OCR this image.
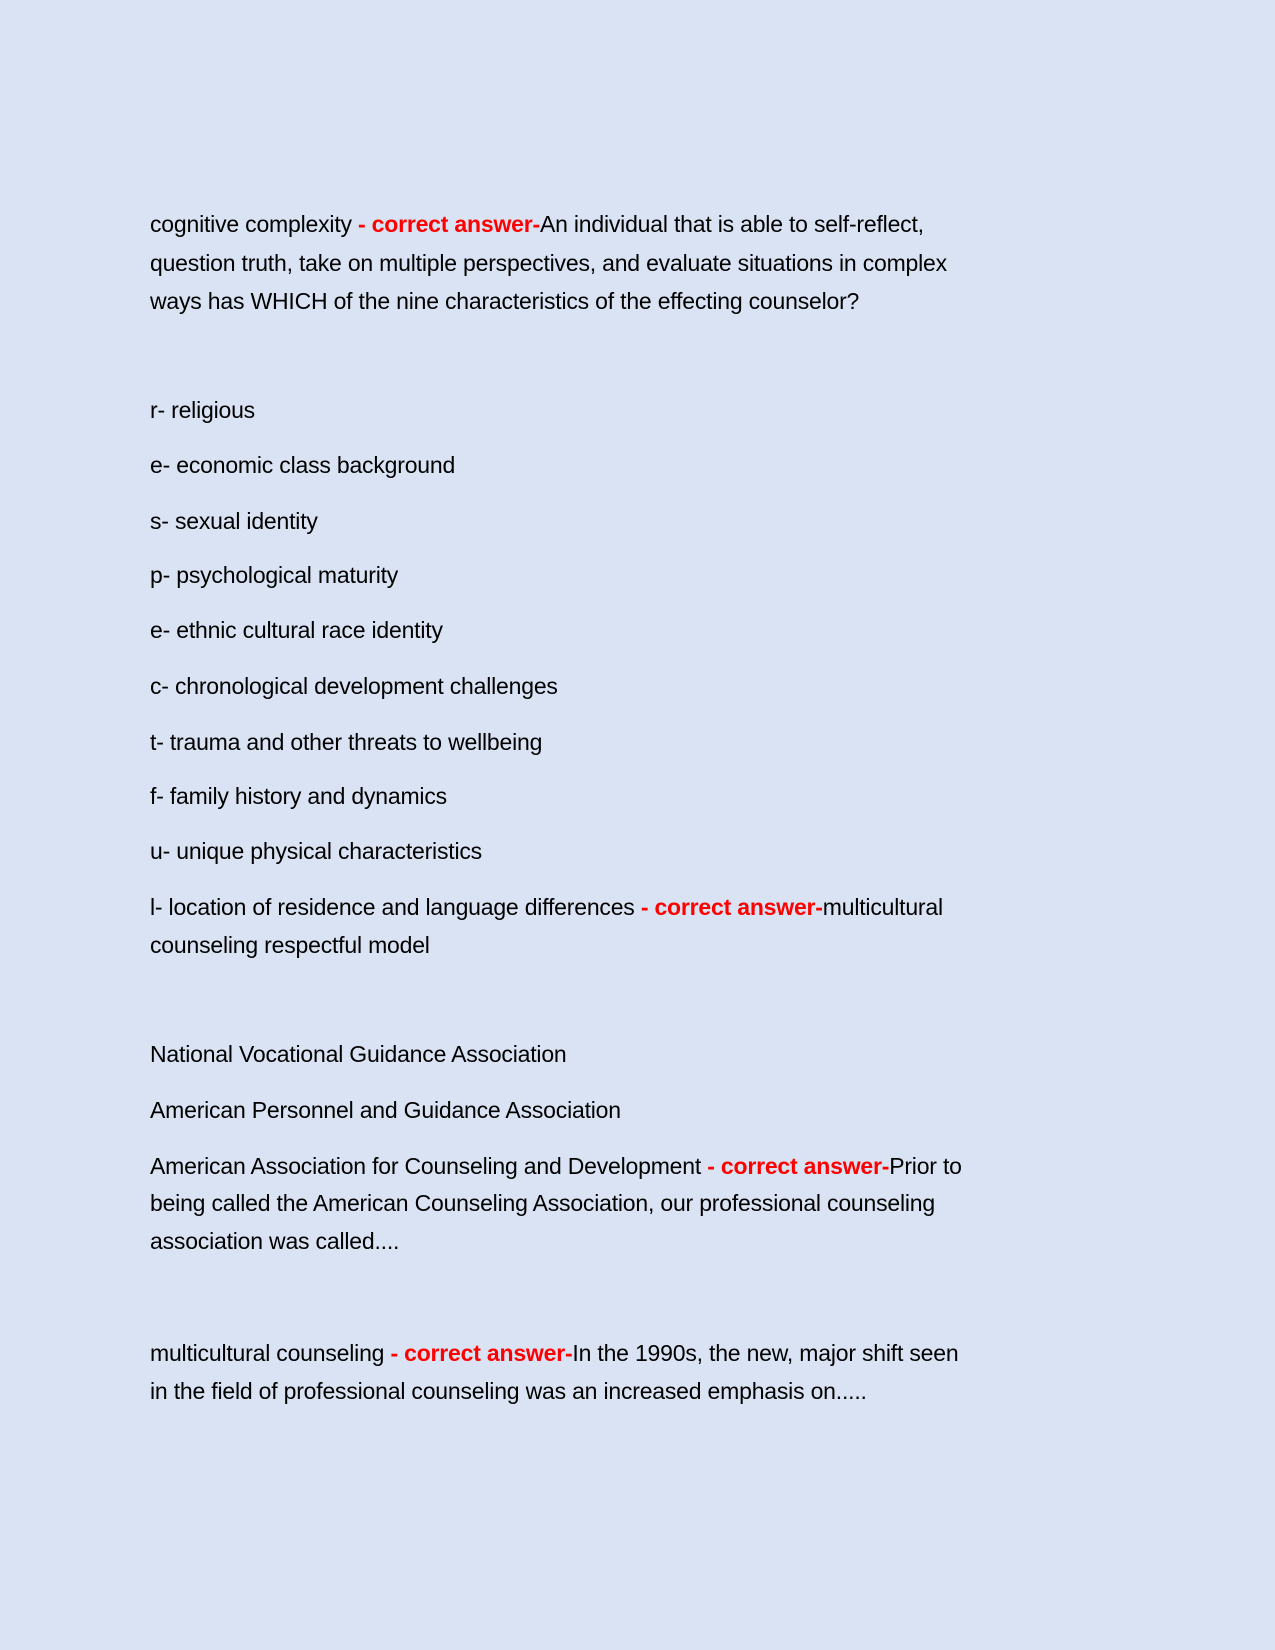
cognitive complexity - correct answer-An individual that is able to self-reflect,
question truth, take on multiple perspectives, and evaluate situations in complex
ways has WHICH of the nine characteristics of the effecting counselor?
r- religious
e- economic class background
s- sexual identity
p- psychological maturity
e- ethnic cultural race identity
c- chronological development challenges
t- trauma and other threats to wellbeing
f- family history and dynamics
u- unique physical characteristics
l- location of residence and language differences - correct answer-multicultural
counseling respectful model
National Vocational Guidance Association
American Personnel and Guidance Association
American Association for Counseling and Development - correct answer-Prior to
being called the American Counseling Association, our professional counseling
association was called....
multicultural counseling - correct answer-In the 1990s, the new, major shift seen
in the field of professional counseling was an increased emphasis on.....
